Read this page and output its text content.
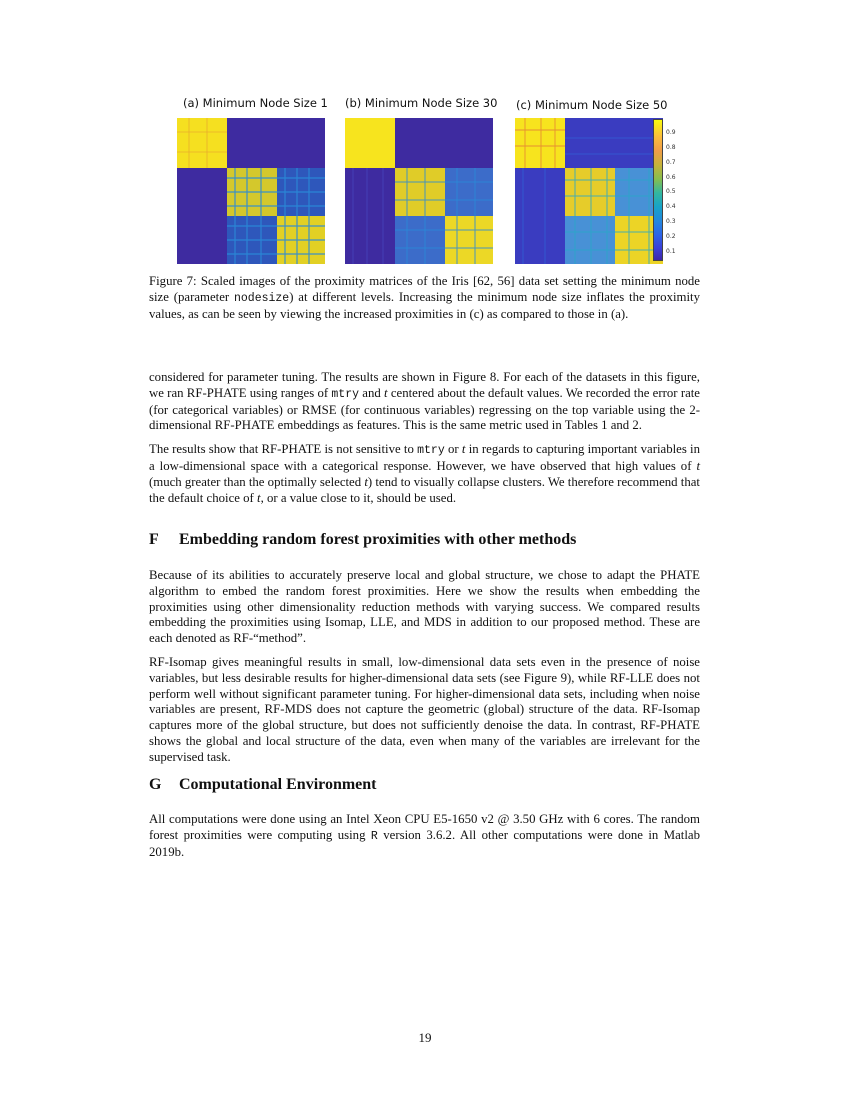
(a) Minimum Node Size 1 (b) Minimum Node Size 30 (c) Minimum Node Size 50
0.9
0.8
0.7
0.6
0.5
0.4
0.3
0.2
0.1

Figure 7: Scaled images of the proximity matrices of the Iris [62, 56] data set setting the minimum node size (parameter nodesize) at different levels. Increasing the minimum node size inflates the proximity values, as can be seen by viewing the increased proximities in (c) as compared to those in (a).

considered for parameter tuning. The results are shown in Figure 8. For each of the datasets in this figure, we ran RF-PHATE using ranges of mtry and t centered about the default values. We recorded the error rate (for categorical variables) or RMSE (for continuous variables) regressing on the top variable using the 2-dimensional RF-PHATE embeddings as features. This is the same metric used in Tables 1 and 2.

The results show that RF-PHATE is not sensitive to mtry or t in regards to capturing important variables in a low-dimensional space with a categorical response. However, we have observed that high values of t (much greater than the optimally selected t) tend to visually collapse clusters. We therefore recommend that the default choice of t, or a value close to it, should be used.

F Embedding random forest proximities with other methods

Because of its abilities to accurately preserve local and global structure, we chose to adapt the PHATE algorithm to embed the random forest proximities. Here we show the results when embedding the proximities using other dimensionality reduction methods with varying success. We compared results embedding the proximities using Isomap, LLE, and MDS in addition to our proposed method. These are each denoted as RF-“method”.

RF-Isomap gives meaningful results in small, low-dimensional data sets even in the presence of noise variables, but less desirable results for higher-dimensional data sets (see Figure 9), while RF-LLE does not perform well without significant parameter tuning. For higher-dimensional data sets, including when noise variables are present, RF-MDS does not capture the geometric (global) structure of the data. RF-Isomap captures more of the global structure, but does not sufficiently denoise the data. In contrast, RF-PHATE shows the global and local structure of the data, even when many of the variables are irrelevant for the supervised task.

G Computational Environment

All computations were done using an Intel Xeon CPU E5-1650 v2 @ 3.50 GHz with 6 cores. The random forest proximities were computing using R version 3.6.2. All other computations were done in Matlab 2019b.

19
